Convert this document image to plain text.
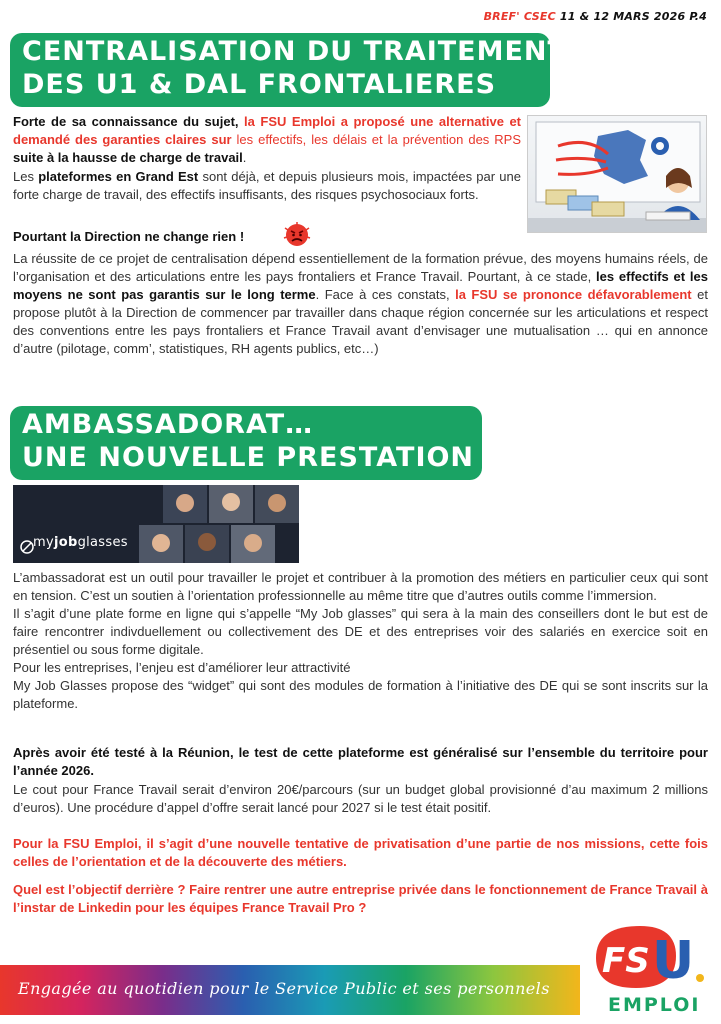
BREF' CSEC 11 & 12 MARS 2026 P.4
CENTRALISATION DU TRAITEMENT
DES U1 & DAL FRONTALIERES
Forte de sa connaissance du sujet, la FSU Emploi a proposé une alternative et demandé des garanties claires sur les effectifs, les délais et la prévention des RPS suite à la hausse de charge de travail.
Les plateformes en Grand Est sont déjà, et depuis plusieurs mois, impactées par une forte charge de travail, des effectifs insuffisants, des risques psychosociaux forts.
Pourtant la Direction ne change rien !
La réussite de ce projet de centralisation dépend essentiellement de la formation prévue, des moyens humains réels, de l’organisation et des articulations entre les pays frontaliers et France Travail. Pourtant, à ce stade, les effectifs et les moyens ne sont pas garantis sur le long terme. Face à ces constats, la FSU se prononce défavorablement et propose plutôt à la Direction de commencer par travailler dans chaque région concernée sur les articulations et respect des conventions entre les pays frontaliers et France Travail avant d’envisager une mutualisation … qui en annonce d’autre (pilotage, comm’, statistiques, RH agents publics, etc…)
AMBASSADORAT…
UNE NOUVELLE PRESTATION ?
myjobglasses
L’ambassadorat est un outil pour travailler le projet et contribuer à la promotion des métiers en particulier ceux qui sont en tension. C’est un soutien à l’orientation professionnelle au même titre que d’autres outils comme l’immersion.
Il s’agit d’une plate forme en ligne qui s’appelle “My Job glasses” qui sera à la main des conseillers dont le but est de faire rencontrer indivduellement ou collectivement des DE et des entreprises voir des salariés en exercice soit en présentiel ou sous forme digitale.
Pour les entreprises, l’enjeu est d’améliorer leur attractivité
My Job Glasses propose des “widget” qui sont des modules de formation à l’initiative des DE qui se sont inscrits sur la plateforme.
Après avoir été testé à la Réunion, le test de cette plateforme est généralisé sur l’ensemble du territoire pour l’année 2026.
Le cout pour France Travail serait d’environ 20€/parcours (sur un budget global provisionné d’au maximum 2 millions d’euros). Une procédure d’appel d’offre serait lancé pour 2027 si le test était positif.
Pour la FSU Emploi, il s’agit d’une nouvelle tentative de privatisation d’une partie de nos missions, cette fois celles de l’orientation et de la découverte des métiers.
Quel est l’objectif derrière ? Faire rentrer une autre entreprise privée dans le fonctionnement de France Travail à l’instar de Linkedin pour les équipes France Travail Pro ?
Engagée au quotidien pour le Service Public et ses personnels
FS U
EMPLOI
